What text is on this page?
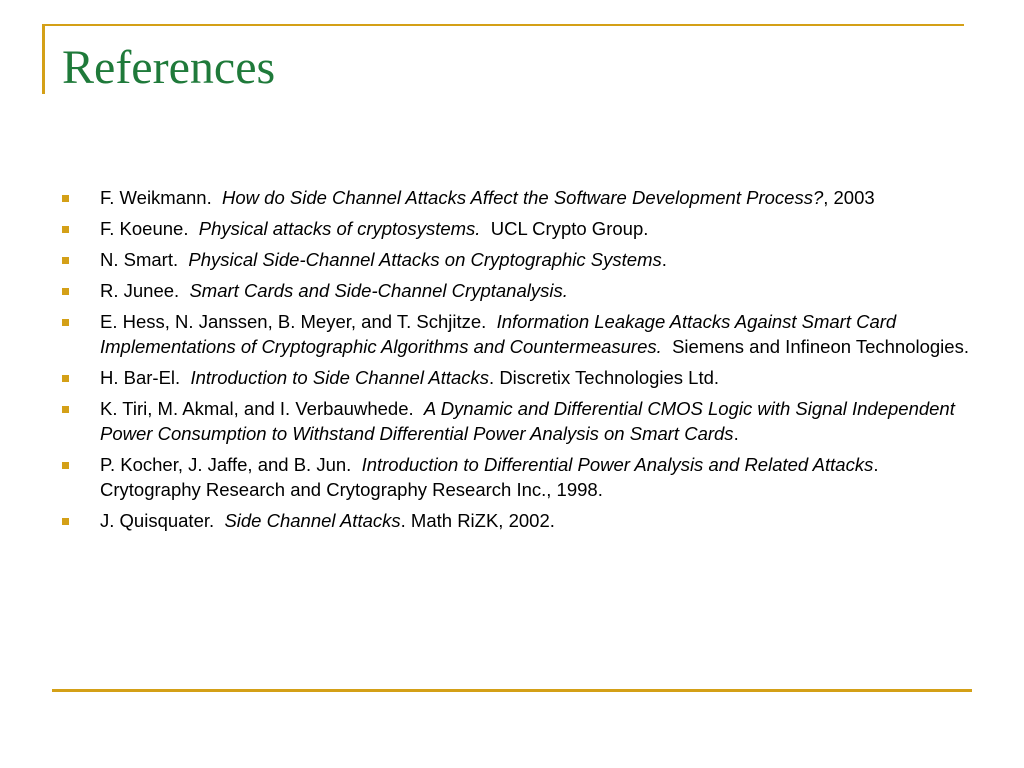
References
F. Weikmann. How do Side Channel Attacks Affect the Software Development Process?, 2003
F. Koeune. Physical attacks of cryptosystems. UCL Crypto Group.
N. Smart. Physical Side-Channel Attacks on Cryptographic Systems.
R. Junee. Smart Cards and Side-Channel Cryptanalysis.
E. Hess, N. Janssen, B. Meyer, and T. Schjitze. Information Leakage Attacks Against Smart Card Implementations of Cryptographic Algorithms and Countermeasures. Siemens and Infineon Technologies.
H. Bar-El. Introduction to Side Channel Attacks. Discretix Technologies Ltd.
K. Tiri, M. Akmal, and I. Verbauwhede. A Dynamic and Differential CMOS Logic with Signal Independent Power Consumption to Withstand Differential Power Analysis on Smart Cards.
P. Kocher, J. Jaffe, and B. Jun. Introduction to Differential Power Analysis and Related Attacks. Crytography Research and Crytography Research Inc., 1998.
J. Quisquater. Side Channel Attacks. Math RiZK, 2002.
